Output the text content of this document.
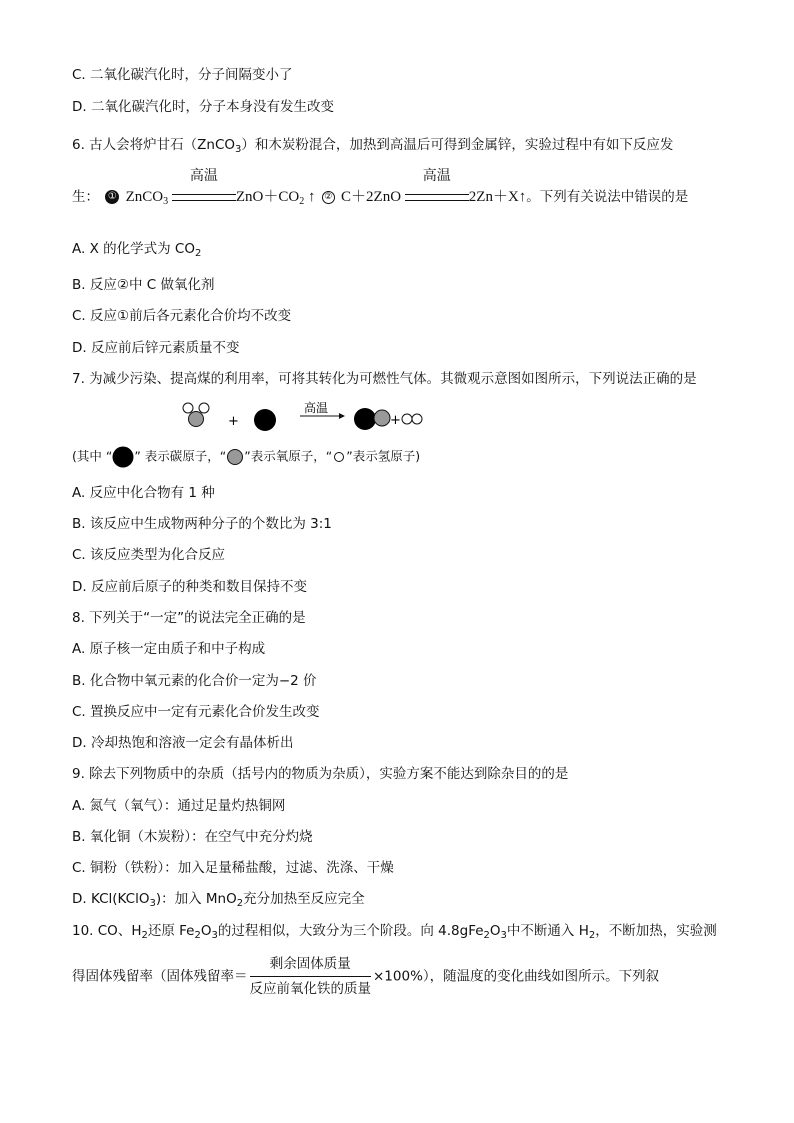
C. 二氧化碳汽化时，分子间隔变小了
D. 二氧化碳汽化时，分子本身没有发生改变
6. 古人会将炉甘石（ZnCO$_3$）和木炭粉混合，加热到高温后可得到金属锌，实验过程中有如下反应发
生： ① ZnCO$_3$
高温
$ZnO+CO_2$ ↑ ② C＋2ZnO
高温
2Zn＋X↑。下列有关说法中错误的是
A. X 的化学式为 $CO_2$
B. 反应②中 C 做氧化剂
C. 反应①前后各元素化合价均不改变
D. 反应前后锌元素质量不变
7. 为减少污染、提高煤的利用率，可将其转化为可燃性气体。其微观示意图如图所示，下列说法正确的是
+
高温
+
(其中 “ ” 表示碳原子，“ ”表示氧原子，“ ”表示氢原子)
A. 反应中化合物有 1 种
B. 该反应中生成物两种分子的个数比为 3:1
C. 该反应类型为化合反应
D. 反应前后原子的种类和数目保持不变
8. 下列关于“一定”的说法完全正确的是
A. 原子核一定由质子和中子构成
B. 化合物中氧元素的化合价一定为−2 价
C. 置换反应中一定有元素化合价发生改变
D. 冷却热饱和溶液一定会有晶体析出
9. 除去下列物质中的杂质（括号内的物质为杂质），实验方案不能达到除杂目的的是
A. 氮气（氧气）：通过足量灼热铜网
B. 氧化铜（木炭粉）：在空气中充分灼烧
C. 铜粉（铁粉）：加入足量稀盐酸，过滤、洗涤、干燥
D. KCl(KClO$_3$)：加入 MnO$_2$充分加热至反应完全
10. CO、$H_2$还原 $Fe_2O_3$的过程相似，大致分为三个阶段。向 $4.8gFe_2O_3$中不断通入 $H_2$，不断加热，实验测
得固体残留率（固体残留率＝ $\frac{\text{剩余固体质量}}{\text{反应前氧化铁的质量}} \times 100\%$），随温度的变化曲线如图所示。下列叙
